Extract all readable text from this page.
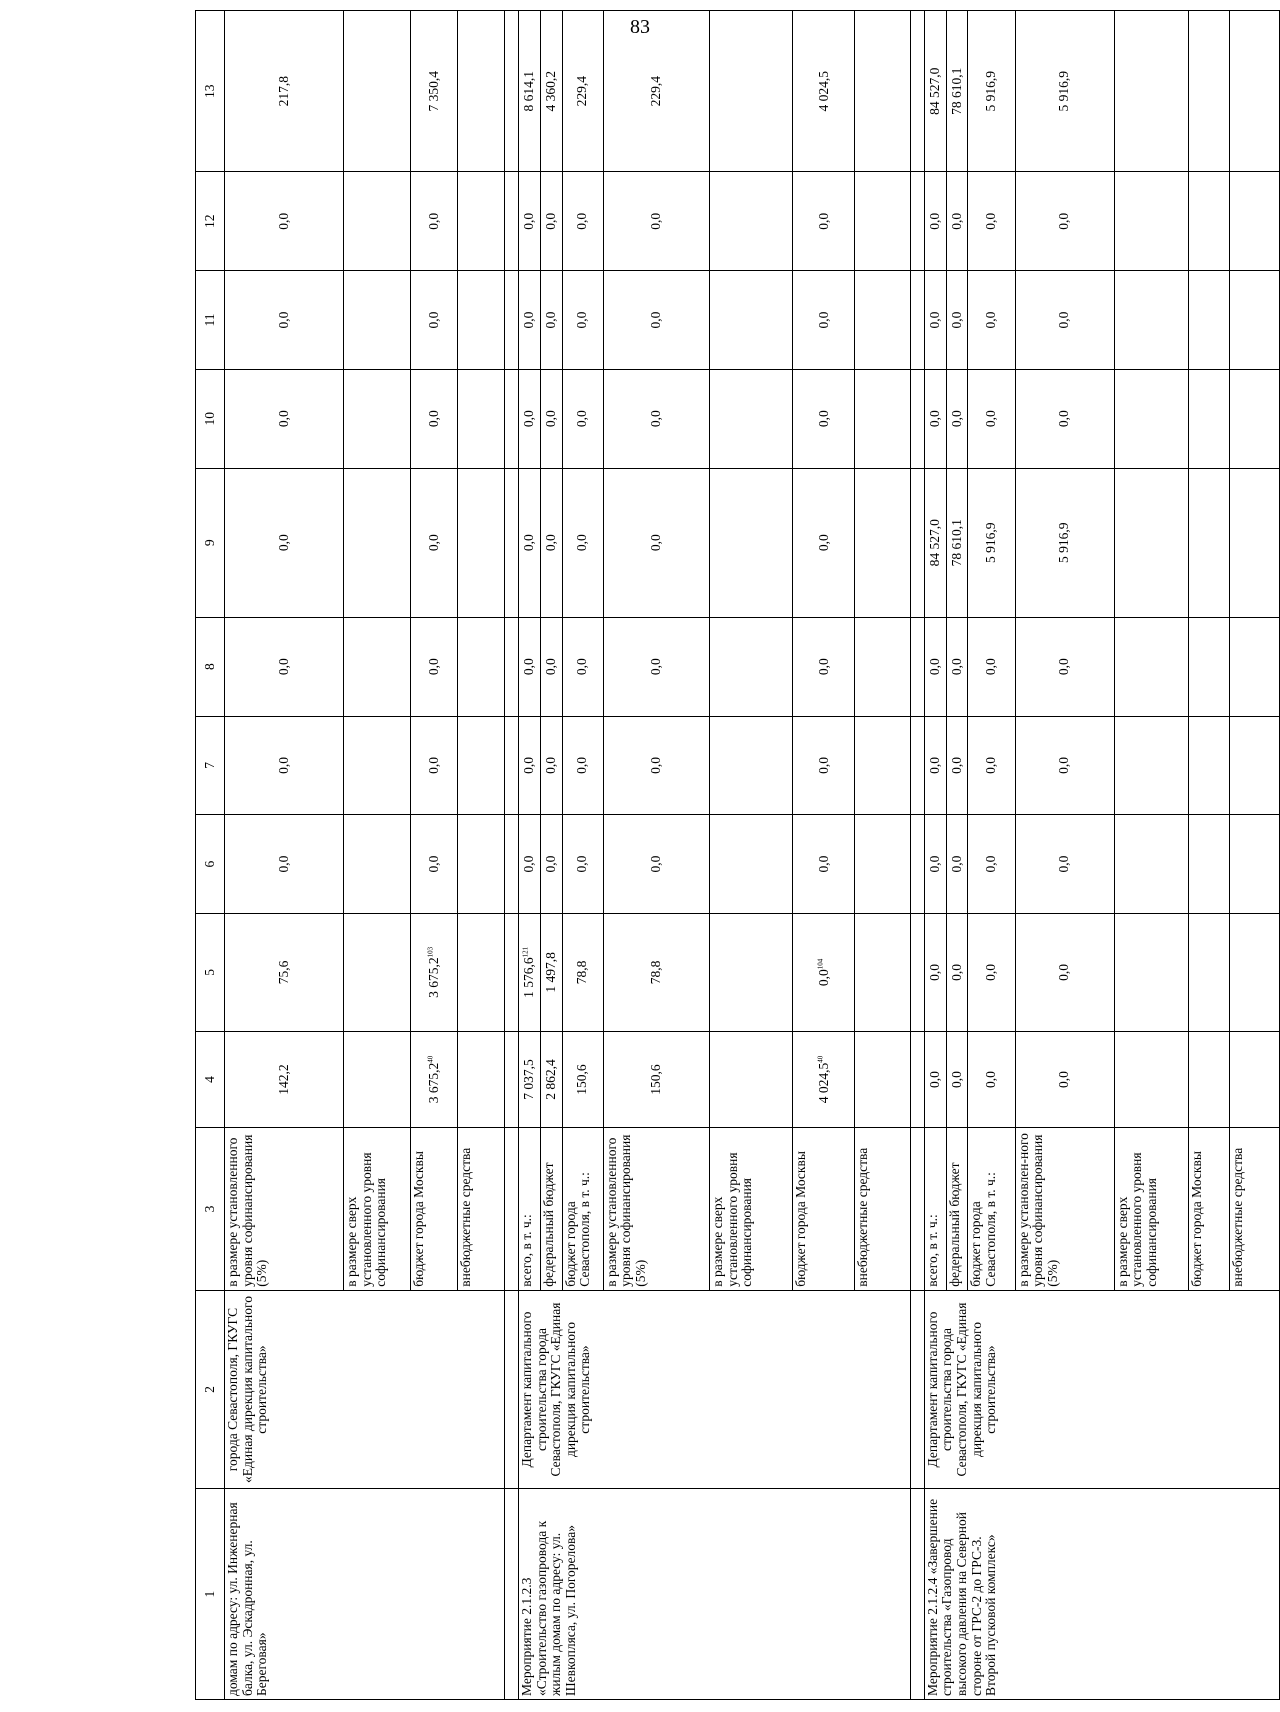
83
1	2	3	4	5	6	7	8	9	10	11	12	13
домам по адресу: ул. Инженерная балка, ул. Эскадронная, ул. Береговая»	города Севастополя, ГКУГС «Единая дирекция капитального строительства»	в размере установленного уровня софинансирования (5%)	142,2	75,6	0,0	0,0	0,0	0,0	0,0	0,0	0,0	217,8
		в размере сверх установленного уровня софинансирования										
		бюджет города Москвы	3 675,2$^{40}$	3 675,2$^{103}$	0,0	0,0	0,0	0,0	0,0	0,0	0,0	7 350,4
		внебюджетные средства										

Мероприятие 2.1.2.3 «Строительство газопровода к жилым домам по адресу: ул. Шевкопляса, ул. Погорелова»	Департамент капитального строительства города Севастополя, ГКУГС «Единая дирекция капитального строительства»	всего, в т. ч.:	7 037,5	1 576,6$^{121}$	0,0	0,0	0,0	0,0	0,0	0,0	0,0	8 614,1
		федеральный бюджет	2 862,4	1 497,8	0,0	0,0	0,0	0,0	0,0	0,0	0,0	4 360,2
		бюджет города Севастополя, в т. ч.:	150,6	78,8	0,0	0,0	0,0	0,0	0,0	0,0	0,0	229,4
		в размере установленного уровня софинансирования (5%)	150,6	78,8	0,0	0,0	0,0	0,0	0,0	0,0	0,0	229,4
		в размере сверх установленного уровня софинансирования										
		бюджет города Москвы	4 024,5$^{40}$	$0,0^{104}$	0,0	0,0	0,0	0,0	0,0	0,0	0,0	4 024,5
		внебюджетные средства										

Мероприятие 2.1.2.4 «Завершение строительства «Газопровод высокого давления на Северной стороне от ГРС-2 до ГРС-3. Второй пусковой комплекс»	Департамент капитального строительства города Севастополя, ГКУГС «Единая дирекция капитального строительства»	всего, в т. ч.:	0,0	0,0	0,0	0,0	0,0	84 527,0	0,0	0,0	0,0	84 527,0
		федеральный бюджет	0,0	0,0	0,0	0,0	0,0	78 610,1	0,0	0,0	0,0	78 610,1
		бюджет города Севастополя, в т. ч.:	0,0	0,0	0,0	0,0	0,0	5 916,9	0,0	0,0	0,0	5 916,9
		в размере установлен-ного уровня софинансирования (5%)	0,0	0,0	0,0	0,0	0,0	5 916,9	0,0	0,0	0,0	5 916,9
		в размере сверх установленного уровня софинансирования										
		бюджет города Москвы										
		внебюджетные средства										
